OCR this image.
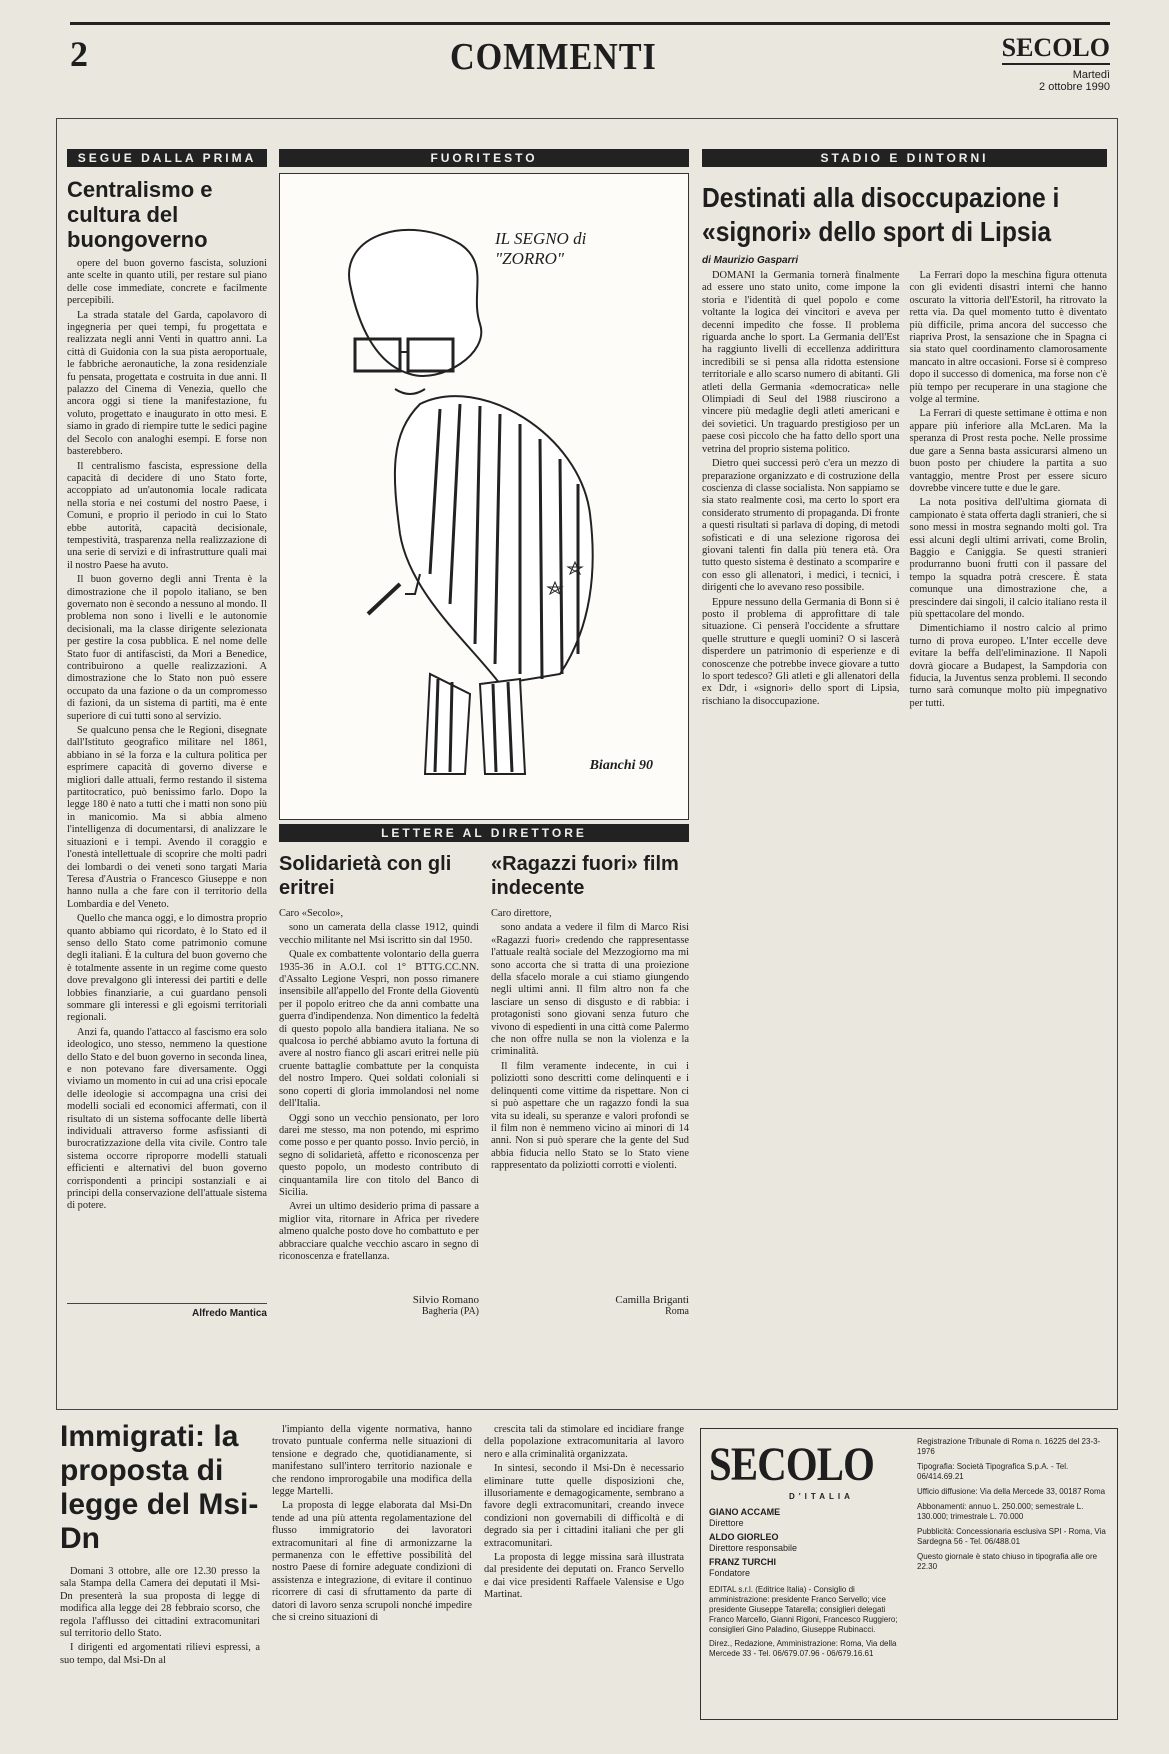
2	COMMENTI	SECOLO
Martedì
2 ottobre 1990
SEGUE DALLA PRIMA
Centralismo e cultura del buongoverno

opere del buon governo fascista, soluzioni ante scelte in quanto utili, per restare sul piano delle cose immediate, concrete e facilmente percepibili.

La strada statale del Garda, capolavoro di ingegneria per quei tempi, fu progettata e realizzata negli anni Venti in quattro anni. La città di Guidonia con la sua pista aeroportuale, le fabbriche aeronautiche, la zona residenziale fu pensata, progettata e costruita in due anni. Il palazzo del Cinema di Venezia, quello che ancora oggi si tiene la manifestazione, fu voluto, progettato e inaugurato in otto mesi. E siamo in grado di riempire tutte le sedici pagine del Secolo con analoghi esempi. E forse non basterebbero.

Il centralismo fascista, espressione della capacità di decidere di uno Stato forte, accoppiato ad un'autonomia locale radicata nella storia e nei costumi del nostro Paese, i Comuni, e proprio il periodo in cui lo Stato ebbe autorità, capacità decisionale, tempestività, trasparenza nella realizzazione di una serie di servizi e di infrastrutture quali mai il nostro Paese ha avuto.

Il buon governo degli anni Trenta è la dimostrazione che il popolo italiano, se ben governato non è secondo a nessuno al mondo. Il problema non sono i livelli e le autonomie decisionali, ma la classe dirigente selezionata per gestire la cosa pubblica. E nel nome delle Stato fuor di antifascisti, da Mori a Benedice, contribuirono a quelle realizzazioni. A dimostrazione che lo Stato non può essere occupato da una fazione o da un compromesso di fazioni, da un sistema di partiti, ma è ente superiore di cui tutti sono al servizio.

Se qualcuno pensa che le Regioni, disegnate dall'Istituto geografico militare nel 1861, abbiano in sé la forza e la cultura politica per esprimere capacità di governo diverse e migliori dalle attuali, fermo restando il sistema partitocratico, può benissimo farlo. Dopo la legge 180 è nato a tutti che i matti non sono più in manicomio. Ma si abbia almeno l'intelligenza di documentarsi, di analizzare le situazioni e i tempi. Avendo il coraggio e l'onestà intellettuale di scoprire che molti padri dei lombardi o dei veneti sono targati Maria Teresa d'Austria o Francesco Giuseppe e non hanno nulla a che fare con il territorio della Lombardia e del Veneto.

Quello che manca oggi, e lo dimostra proprio quanto abbiamo qui ricordato, è lo Stato ed il senso dello Stato come patrimonio comune degli italiani. È la cultura del buon governo che è totalmente assente in un regime come questo dove prevalgono gli interessi dei partiti e delle lobbies finanziarie, a cui guardano pensoli sommare gli interessi e gli egoismi territoriali regionali.

Anzi fa, quando l'attacco al fascismo era solo ideologico, uno stesso, nemmeno la questione dello Stato e del buon governo in seconda linea, e non potevano fare diversamente. Oggi viviamo un momento in cui ad una crisi epocale delle ideologie si accompagna una crisi dei modelli sociali ed economici affermati, con il risultato di un sistema soffocante delle libertà individuali attraverso forme asfissianti di burocratizzazione della vita civile. Contro tale sistema occorre riproporre modelli statuali efficienti e alternativi del buon governo corrispondenti a principi sostanziali e ai principi della conservazione dell'attuale sistema di potere.

Alfredo Mantica
FUORITESTO
IL SEGNO di "ZORRO"
Bianchi 90
LETTERE AL DIRETTORE
Solidarietà con gli eritrei

Caro «Secolo»,

sono un camerata della classe 1912, quindi vecchio militante nel Msi iscritto sin dal 1950.

Quale ex combattente volontario della guerra 1935-36 in A.O.I. col 1° BTTG.CC.NN. d'Assalto Legione Vespri, non posso rimanere insensibile all'appello del Fronte della Gioventù per il popolo eritreo che da anni combatte una guerra d'indipendenza. Non dimentico la fedeltà di questo popolo alla bandiera italiana. Ne so qualcosa io perché abbiamo avuto la fortuna di avere al nostro fianco gli ascari eritrei nelle più cruente battaglie combattute per la conquista del nostro Impero. Quei soldati coloniali si sono coperti di gloria immolandosi nel nome dell'Italia.

Oggi sono un vecchio pensionato, per loro darei me stesso, ma non potendo, mi esprimo come posso e per quanto posso. Invio perciò, in segno di solidarietà, affetto e riconoscenza per questo popolo, un modesto contributo di cinquantamila lire con titolo del Banco di Sicilia.

Avrei un ultimo desiderio prima di passare a miglior vita, ritornare in Africa per rivedere almeno qualche posto dove ho combattuto e per abbracciare qualche vecchio ascaro in segno di riconoscenza e fratellanza.

Silvio Romano
Bagheria (PA)
«Ragazzi fuori» film indecente

Caro direttore,

sono andata a vedere il film di Marco Risi «Ragazzi fuori» credendo che rappresentasse l'attuale realtà sociale del Mezzogiorno ma mi sono accorta che si tratta di una proiezione della sfacelo morale a cui stiamo giungendo negli ultimi anni. Il film altro non fa che lasciare un senso di disgusto e di rabbia: i protagonisti sono giovani senza futuro che vivono di espedienti in una città come Palermo che non offre nulla se non la violenza e la criminalità.

Il film veramente indecente, in cui i poliziotti sono descritti come delinquenti e i delinquenti come vittime da rispettare. Non ci si può aspettare che un ragazzo fondi la sua vita su ideali, su speranze e valori profondi se il film non è nemmeno vicino ai minori di 14 anni. Non si può sperare che la gente del Sud abbia fiducia nello Stato se lo Stato viene rappresentato da poliziotti corrotti e violenti.

Camilla Briganti
Roma
STADIO E DINTORNI
Destinati alla disoccupazione i «signori» dello sport di Lipsia
di Maurizio Gasparri

DOMANI la Germania tornerà finalmente ad essere uno stato unito, come impone la storia e l'identità di quel popolo e come voltante la logica dei vincitori e aveva per decenni impedito che fosse. Il problema riguarda anche lo sport. La Germania dell'Est ha raggiunto livelli di eccellenza addirittura incredibili se si pensa alla ridotta estensione territoriale e allo scarso numero di abitanti. Gli atleti della Germania «democratica» nelle Olimpiadi di Seul del 1988 riuscirono a vincere più medaglie degli atleti americani e dei sovietici. Un traguardo prestigioso per un paese così piccolo che ha fatto dello sport una vetrina del proprio sistema politico.

Dietro quei successi però c'era un mezzo di preparazione organizzato e di costruzione della coscienza di classe socialista. Non sappiamo se sia stato realmente così, ma certo lo sport era considerato strumento di propaganda. Di fronte a questi risultati si parlava di doping, di metodi sofisticati e di una selezione rigorosa dei giovani talenti fin dalla più tenera età. Ora tutto questo sistema è destinato a scomparire e con esso gli allenatori, i medici, i tecnici, i dirigenti che lo avevano reso possibile.

Eppure nessuno della Germania di Bonn si è posto il problema di approfittare di tale situazione. Ci penserà l'occidente a sfruttare quelle strutture e quegli uomini? O si lascerà disperdere un patrimonio di esperienze e di conoscenze che potrebbe invece giovare a tutto lo sport tedesco? Gli atleti e gli allenatori della ex Ddr, i «signori» dello sport di Lipsia, rischiano la disoccupazione.

La Ferrari dopo la meschina figura ottenuta con gli evidenti disastri interni che hanno oscurato la vittoria dell'Estoril, ha ritrovato la retta via. Da quel momento tutto è diventato più difficile, prima ancora del successo che riapriva Prost, la sensazione che in Spagna ci sia stato quel coordinamento clamorosamente mancato in altre occasioni. Forse si è compreso dopo il successo di domenica, ma forse non c'è più tempo per recuperare in una stagione che volge al termine.

La Ferrari di queste settimane è ottima e non appare più inferiore alla McLaren. Ma la speranza di Prost resta poche. Nelle prossime due gare a Senna basta assicurarsi almeno un buon posto per chiudere la partita a suo vantaggio, mentre Prost per essere sicuro dovrebbe vincere tutte e due le gare.

La nota positiva dell'ultima giornata di campionato è stata offerta dagli stranieri, che si sono messi in mostra segnando molti gol. Tra essi alcuni degli ultimi arrivati, come Brolin, Baggio e Caniggia. Se questi stranieri produrranno buoni frutti con il passare del tempo la squadra potrà crescere. È stata comunque una dimostrazione che, a prescindere dai singoli, il calcio italiano resta il più spettacolare del mondo.

Dimentichiamo il nostro calcio al primo turno di prova europeo. L'Inter eccelle deve evitare la beffa dell'eliminazione. Il Napoli dovrà giocare a Budapest, la Sampdoria con fiducia, la Juventus senza problemi. Il secondo turno sarà comunque molto più impegnativo per tutti.

Immigrati: la proposta di legge del Msi-Dn

Domani 3 ottobre, alle ore 12.30 presso la sala Stampa della Camera dei deputati il Msi-Dn presenterà la sua proposta di legge di modifica alla legge dei 28 febbraio scorso, che regola l'afflusso dei cittadini extracomunitari sul territorio dello Stato.

I dirigenti ed argomentati rilievi espressi, a suo tempo, dal Msi-Dn al

l'impianto della vigente normativa, hanno trovato puntuale conferma nelle situazioni di tensione e degrado che, quotidianamente, si manifestano sull'intero territorio nazionale e che rendono improrogabile una modifica della legge Martelli.

La proposta di legge elaborata dal Msi-Dn tende ad una più attenta regolamentazione del flusso immigratorio dei lavoratori extracomunitari al fine di armonizzarne la permanenza con le effettive possibilità del nostro Paese di fornire adeguate condizioni di assistenza e integrazione, di evitare il continuo ricorrere di casi di sfruttamento da parte di datori di lavoro senza scrupoli nonché impedire che si creino situazioni di

crescita tali da stimolare ed incidiare frange della popolazione extracomunitaria al lavoro nero e alla criminalità organizzata.

In sintesi, secondo il Msi-Dn è necessario eliminare tutte quelle disposizioni che, illusoriamente e demagogicamente, sembrano a favore degli extracomunitari, creando invece condizioni non governabili di difficoltà e di degrado sia per i cittadini italiani che per gli extracomunitari.

La proposta di legge missina sarà illustrata dal presidente dei deputati on. Franco Servello e dai vice presidenti Raffaele Valensise e Ugo Martinat.

SECOLO
D'ITALIA
GIANO ACCAME
Direttore
ALDO GIORLEO
Direttore responsabile
FRANZ TURCHI
Fondatore
EDITAL s.r.l. (Editrice Italia) - Consiglio di amministrazione: presidente Franco Servello; vice presidente Giuseppe Tatarella; consiglieri delegati Franco Marcello, Gianni Rigoni, Francesco Ruggiero; consiglieri Gino Paladino, Giuseppe Rubinacci.
Direz., Redazione, Amministrazione: Roma, Via della Mercede 33 - Tel. 06/679.07.96 - 06/679.16.61
Registrazione Tribunale di Roma n. 16225 del 23-3-1976
Tipografia: Società Tipografica S.p.A. - Tel. 06/414.69.21
Ufficio diffusione: Via della Mercede 33, 00187 Roma
Abbonamenti: annuo L. 250.000; semestrale L. 130.000; trimestrale L. 70.000
Pubblicità: Concessionaria esclusiva SPI - Roma, Via Sardegna 56 - Tel. 06/488.01
Questo giornale è stato chiuso in tipografia alle ore 22.30
